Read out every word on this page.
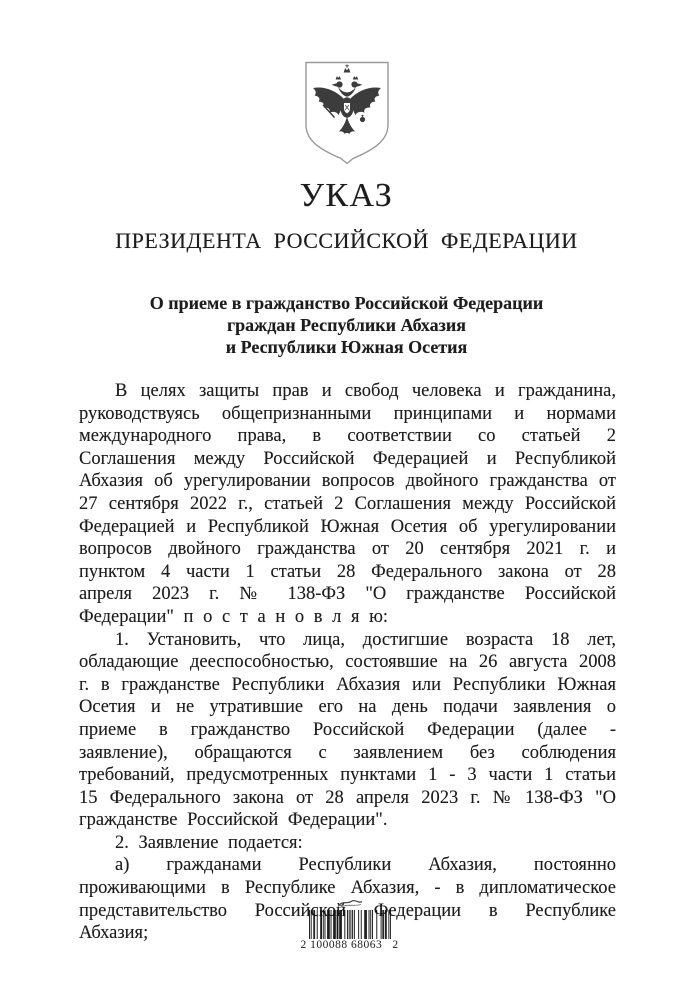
УКАЗ
ПРЕЗИДЕНТА РОССИЙСКОЙ ФЕДЕРАЦИИ
О приеме в гражданство Российской Федерации
граждан Республики Абхазия
и Республики Южная Осетия

В целях защиты прав и свобод человека и гражданина, руководствуясь общепризнанными принципами и нормами международного права, в соответствии со статьей 2 Соглашения между Российской Федерацией и Республикой Абхазия об урегулировании вопросов двойного гражданства от 27 сентября 2022 г., статьей 2 Соглашения между Российской Федерацией и Республикой Южная Осетия об урегулировании вопросов двойного гражданства от 20 сентября 2021 г. и пунктом 4 части 1 статьи 28 Федерального закона от 28 апреля 2023 г. № 138-ФЗ "О гражданстве Российской Федерации" п о с т а н о в л я ю:

1. Установить, что лица, достигшие возраста 18 лет, обладающие дееспособностью, состоявшие на 26 августа 2008 г. в гражданстве Республики Абхазия или Республики Южная Осетия и не утратившие его на день подачи заявления о приеме в гражданство Российской Федерации (далее - заявление), обращаются с заявлением без соблюдения требований, предусмотренных пунктами 1 - 3 части 1 статьи 15 Федерального закона от 28 апреля 2023 г. № 138-ФЗ "О гражданстве Российской Федерации".

2. Заявление подается:

а) гражданами Республики Абхазия, постоянно проживающими в Республике Абхазия, - в дипломатическое представительство Российской Федерации в Республике Абхазия;

2 100088 68063   2
